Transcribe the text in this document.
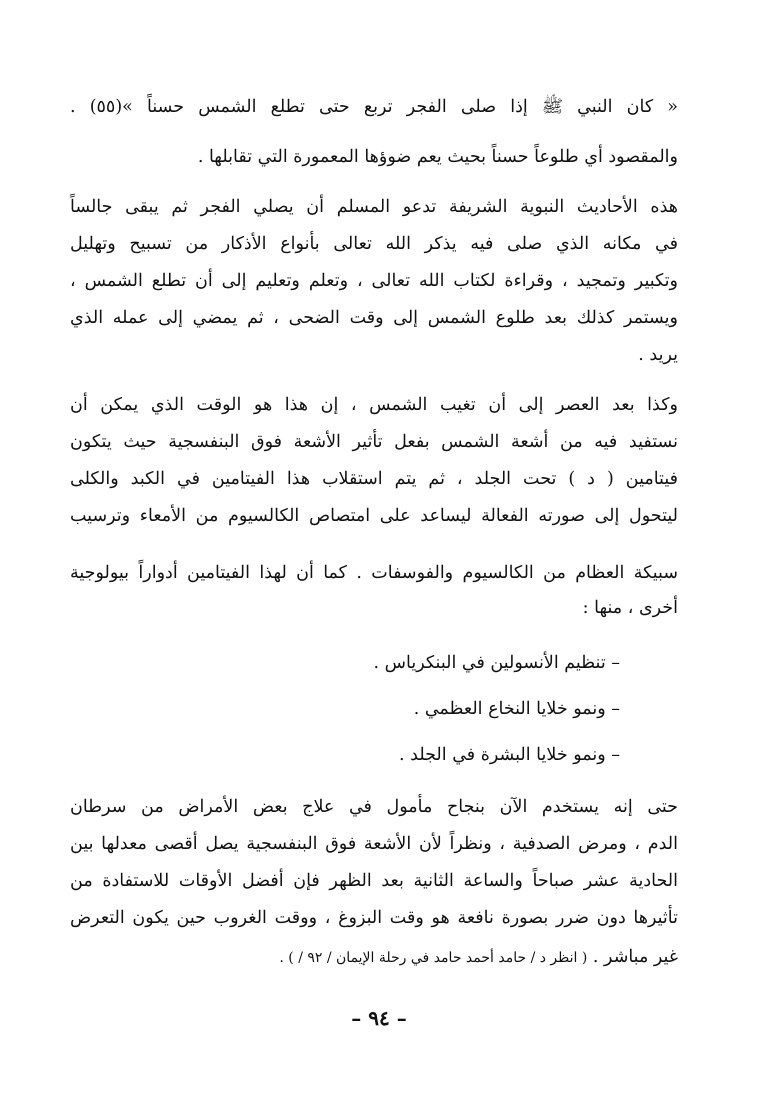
« كان النبي ﷺ إذا صلى الفجر تربع حتى تطلع الشمس حسناً »(٥٥) .
والمقصود أي طلوعاً حسناً بحيث يعم ضوؤها المعمورة التي تقابلها .
هذه الأحاديث النبوية الشريفة تدعو المسلم أن يصلي الفجر ثم يبقى جالساً
في مكانه الذي صلى فيه يذكر الله تعالى بأنواع الأذكار من تسبيح وتهليل
وتكبير وتمجيد ، وقراءة لكتاب الله تعالى ، وتعلم وتعليم إلى أن تطلع الشمس ،
ويستمر كذلك بعد طلوع الشمس إلى وقت الضحى ، ثم يمضي إلى عمله الذي
يريد .
وكذا بعد العصر إلى أن تغيب الشمس ، إن هذا هو الوقت الذي يمكن أن
نستفيد فيه من أشعة الشمس بفعل تأثير الأشعة فوق البنفسجية حيث يتكون
فيتامين ( د ) تحت الجلد ، ثم يتم استقلاب هذا الفيتامين في الكبد والكلى
ليتحول إلى صورته الفعالة ليساعد على امتصاص الكالسيوم من الأمعاء وترسيب
سبيكة العظام من الكالسيوم والفوسفات . كما أن لهذا الفيتامين أدواراً بيولوجية
أخرى ، منها :
– تنظيم الأنسولين في البنكرياس .
– ونمو خلايا النخاع العظمي .
– ونمو خلايا البشرة في الجلد .
حتى إنه يستخدم الآن بنجاح مأمول في علاج بعض الأمراض من سرطان
الدم ، ومرض الصدفية ، ونظراً لأن الأشعة فوق البنفسجية يصل أقصى معدلها بين
الحادية عشر صباحاً والساعة الثانية بعد الظهر فإن أفضل الأوقات للاستفادة من
تأثيرها دون ضرر بصورة نافعة هو وقت البزوغ ، ووقت الغروب حين يكون التعرض
غير مباشر . ( انظر د / حامد أحمد حامد في رحلة الإيمان / ٩٢ / ) .
– ٩٤ –
